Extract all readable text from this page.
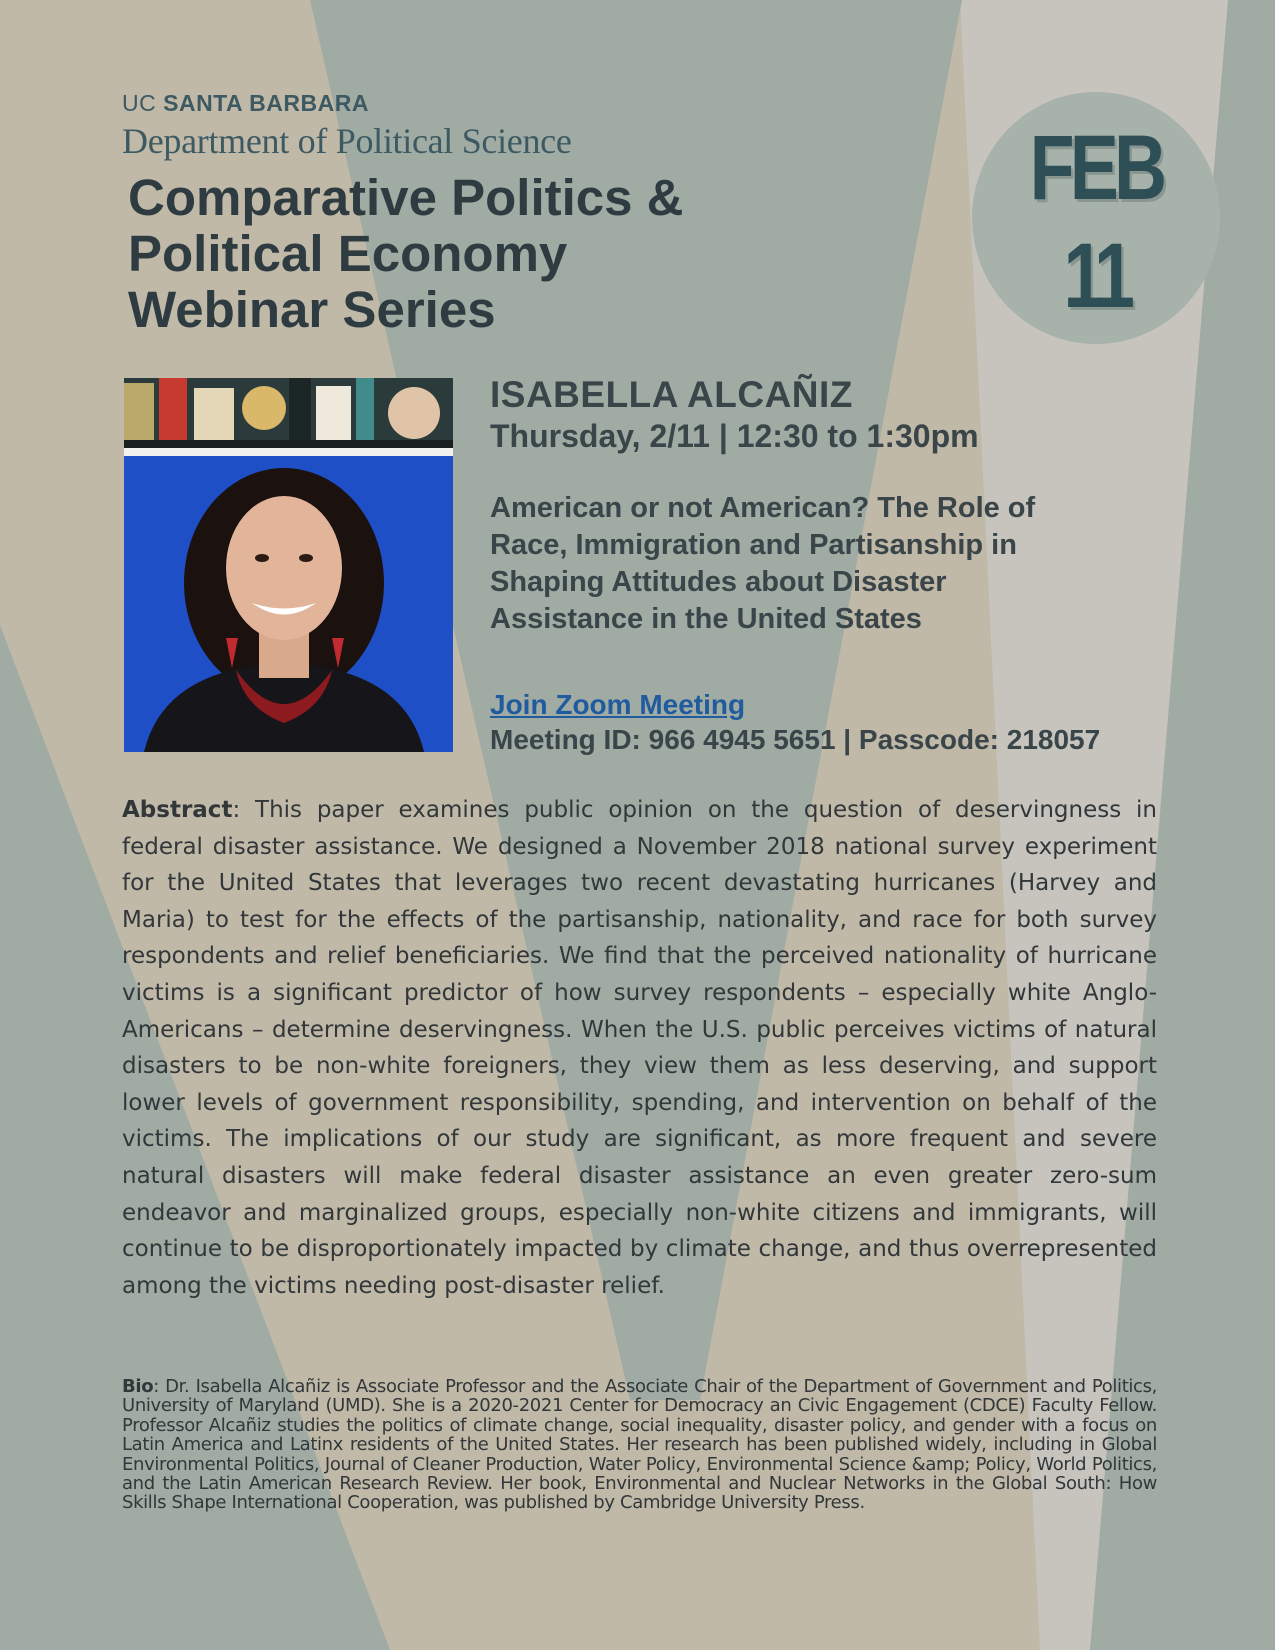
UC SANTA BARBARA
Department of Political Science
Comparative Politics &
Political Economy
Webinar Series
FEB
11
ISABELLA ALCAÑIZ
Thursday, 2/11 | 12:30 to 1:30pm
American or not American? The Role of
Race, Immigration and Partisanship in
Shaping Attitudes about Disaster
Assistance in the United States
Join Zoom Meeting
Meeting ID: 966 4945 5651 | Passcode: 218057

Abstract: This paper examines public opinion on the question of deservingness in federal disaster assistance. We designed a November 2018 national survey experiment for the United States that leverages two recent devastating hurricanes (Harvey and Maria) to test for the effects of the partisanship, nationality, and race for both survey respondents and relief beneficiaries. We find that the perceived nationality of hurricane victims is a significant predictor of how survey respondents – especially white Anglo-Americans – determine deservingness. When the U.S. public perceives victims of natural disasters to be non-white foreigners, they view them as less deserving, and support lower levels of government responsibility, spending, and intervention on behalf of the victims. The implications of our study are significant, as more frequent and severe natural disasters will make federal disaster assistance an even greater zero-sum endeavor and marginalized groups, especially non-white citizens and immigrants, will continue to be disproportionately impacted by climate change, and thus overrepresented among the victims needing post-disaster relief.

Bio: Dr. Isabella Alcañiz is Associate Professor and the Associate Chair of the Department of Government and Politics, University of Maryland (UMD). She is a 2020-2021 Center for Democracy an Civic Engagement (CDCE) Faculty Fellow. Professor Alcañiz studies the politics of climate change, social inequality, disaster policy, and gender with a focus on Latin America and Latinx residents of the United States. Her research has been published widely, including in Global Environmental Politics, Journal of Cleaner Production, Water Policy, Environmental Science &amp; Policy, World Politics, and the Latin American Research Review. Her book, Environmental and Nuclear Networks in the Global South: How Skills Shape International Cooperation, was published by Cambridge University Press.
